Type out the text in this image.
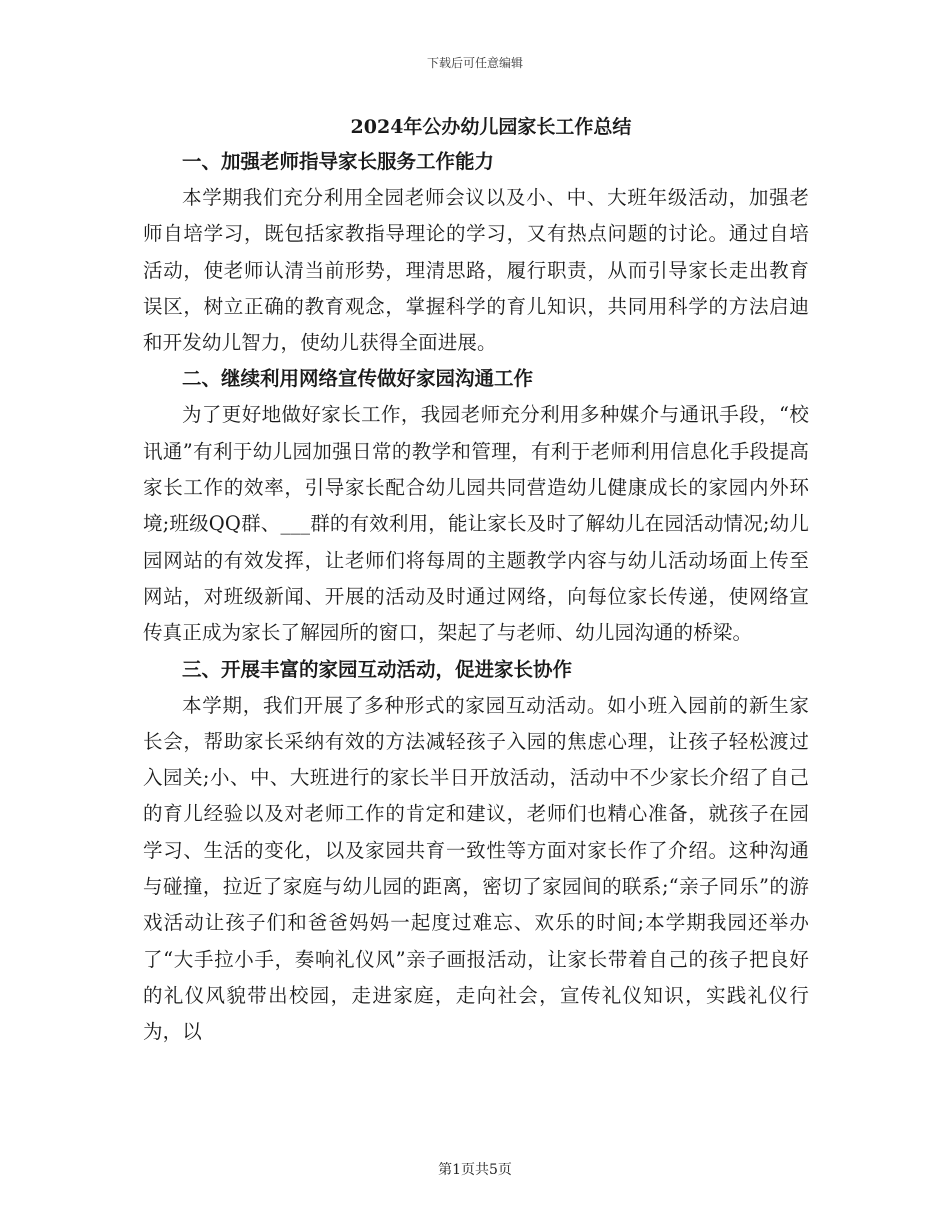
下载后可任意编辑

2024年公办幼儿园家长工作总结

一、加强老师指导家长服务工作能力

本学期我们充分利用全园老师会议以及小、中、大班年级活动，加强老师自培学习，既包括家教指导理论的学习，又有热点问题的讨论。通过自培活动，使老师认清当前形势，理清思路，履行职责，从而引导家长走出教育误区，树立正确的教育观念，掌握科学的育儿知识，共同用科学的方法启迪和开发幼儿智力，使幼儿获得全面进展。

二、继续利用网络宣传做好家园沟通工作

为了更好地做好家长工作，我园老师充分利用多种媒介与通讯手段，“校讯通”有利于幼儿园加强日常的教学和管理，有利于老师利用信息化手段提高家长工作的效率，引导家长配合幼儿园共同营造幼儿健康成长的家园内外环境;班级QQ群、___群的有效利用，能让家长及时了解幼儿在园活动情况;幼儿园网站的有效发挥，让老师们将每周的主题教学内容与幼儿活动场面上传至网站，对班级新闻、开展的活动及时通过网络，向每位家长传递，使网络宣传真正成为家长了解园所的窗口，架起了与老师、幼儿园沟通的桥梁。

三、开展丰富的家园互动活动，促进家长协作

本学期，我们开展了多种形式的家园互动活动。如小班入园前的新生家长会，帮助家长采纳有效的方法减轻孩子入园的焦虑心理，让孩子轻松渡过入园关;小、中、大班进行的家长半日开放活动，活动中不少家长介绍了自己的育儿经验以及对老师工作的肯定和建议，老师们也精心准备，就孩子在园学习、生活的变化，以及家园共育一致性等方面对家长作了介绍。这种沟通与碰撞，拉近了家庭与幼儿园的距离，密切了家园间的联系;“亲子同乐”的游戏活动让孩子们和爸爸妈妈一起度过难忘、欢乐的时间;本学期我园还举办了“大手拉小手，奏响礼仪风”亲子画报活动，让家长带着自己的孩子把良好的礼仪风貌带出校园，走进家庭，走向社会，宣传礼仪知识，实践礼仪行为，以

第1页共5页
